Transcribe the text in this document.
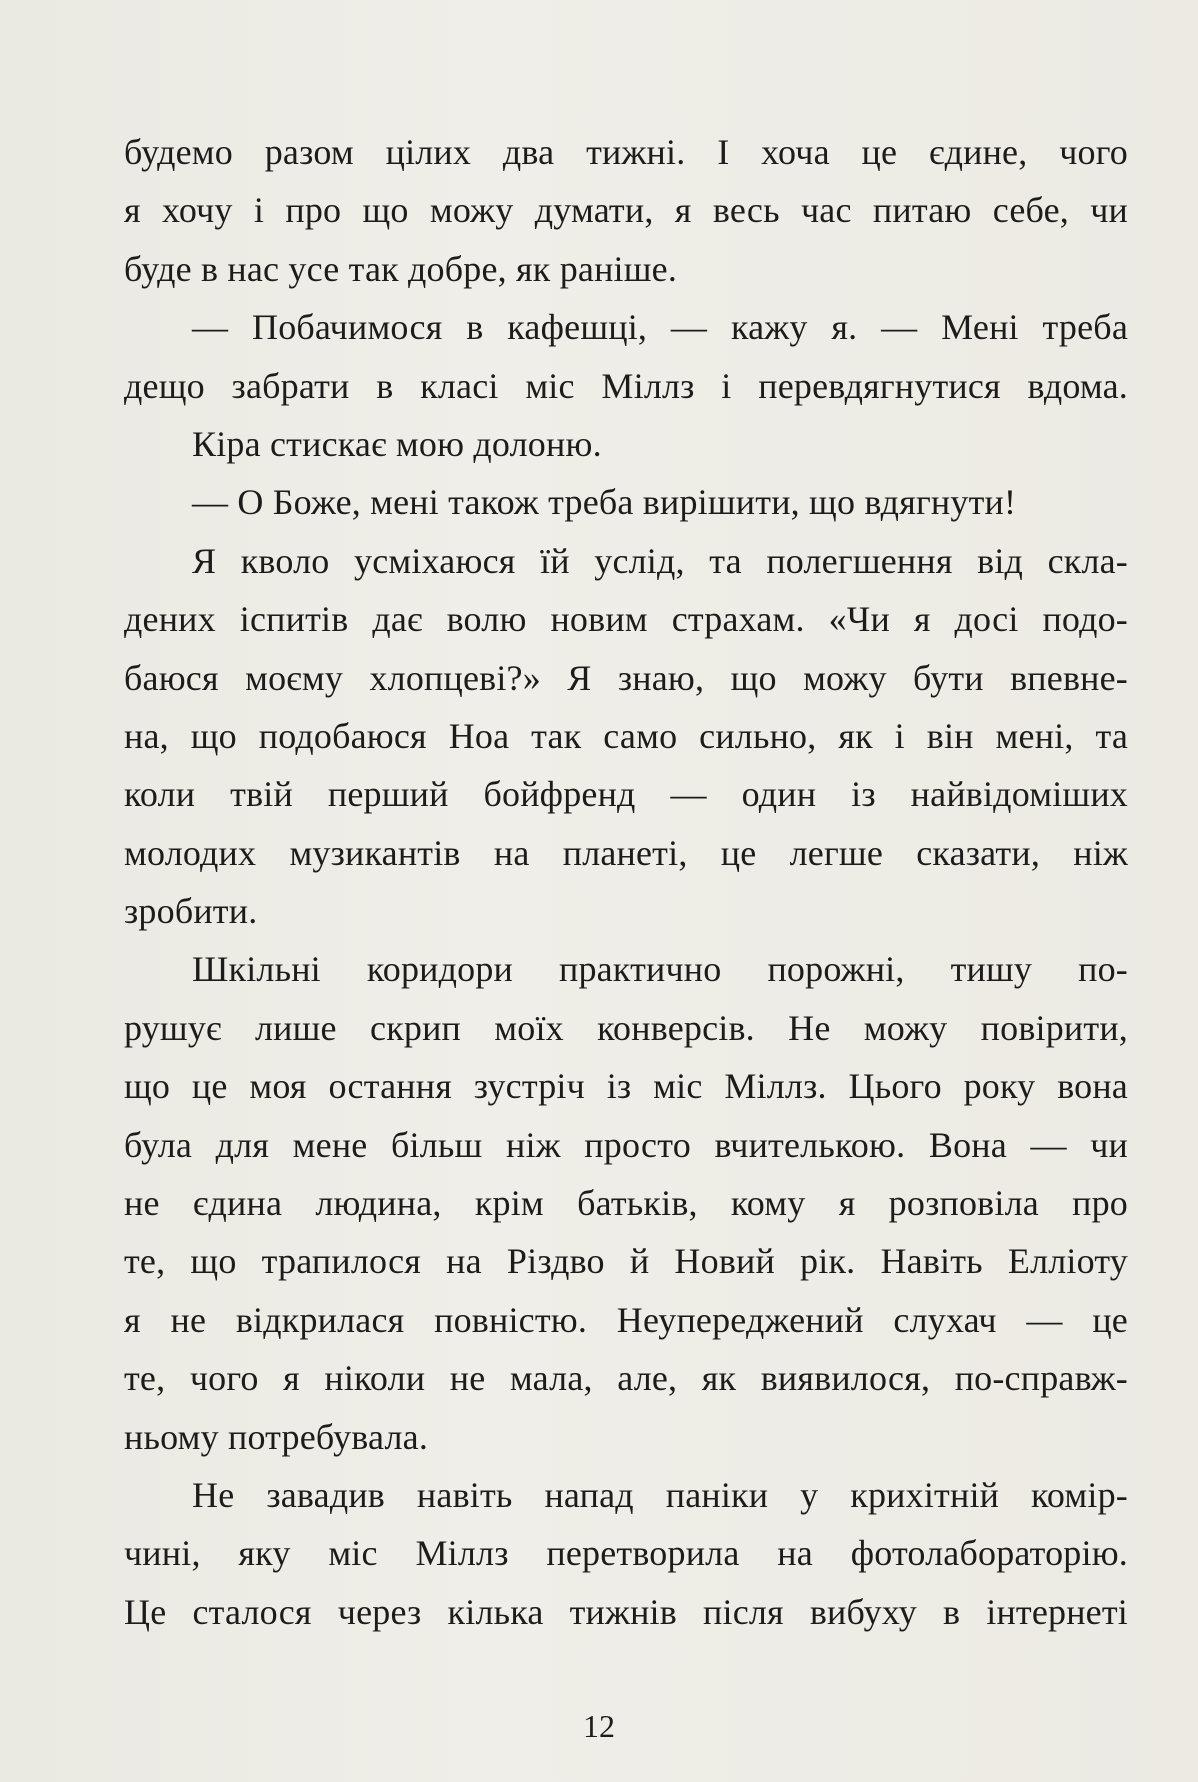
будемо разом цілих два тижні. І хоча це єдине, чого
я хочу і про що можу думати, я весь час питаю себе, чи
буде в нас усе так добре, як раніше.
— Побачимося в кафешці, — кажу я. — Мені треба
дещо забрати в класі міс Міллз і перевдягнутися вдома.
Кіра стискає мою долоню.
— О Боже, мені також треба вирішити, що вдягнути!
Я кволо усміхаюся їй услід, та полегшення від скла-
дених іспитів дає волю новим страхам. «Чи я досі подо-
баюся моєму хлопцеві?» Я знаю, що можу бути впевне-
на, що подобаюся Ноа так само сильно, як і він мені, та
коли твій перший бойфренд — один із найвідоміших
молодих музикантів на планеті, це легше сказати, ніж
зробити.
Шкільні коридори практично порожні, тишу по-
рушує лише скрип моїх конверсів. Не можу повірити,
що це моя остання зустріч із міс Міллз. Цього року вона
була для мене більш ніж просто вчителькою. Вона — чи
не єдина людина, крім батьків, кому я розповіла про
те, що трапилося на Різдво й Новий рік. Навіть Елліоту
я не відкрилася повністю. Неупереджений слухач — це
те, чого я ніколи не мала, але, як виявилося, по-справж-
ньому потребувала.
Не завадив навіть напад паніки у крихітній комір-
чині, яку міс Міллз перетворила на фотолабораторію.
Це сталося через кілька тижнів після вибуху в інтернеті
12
